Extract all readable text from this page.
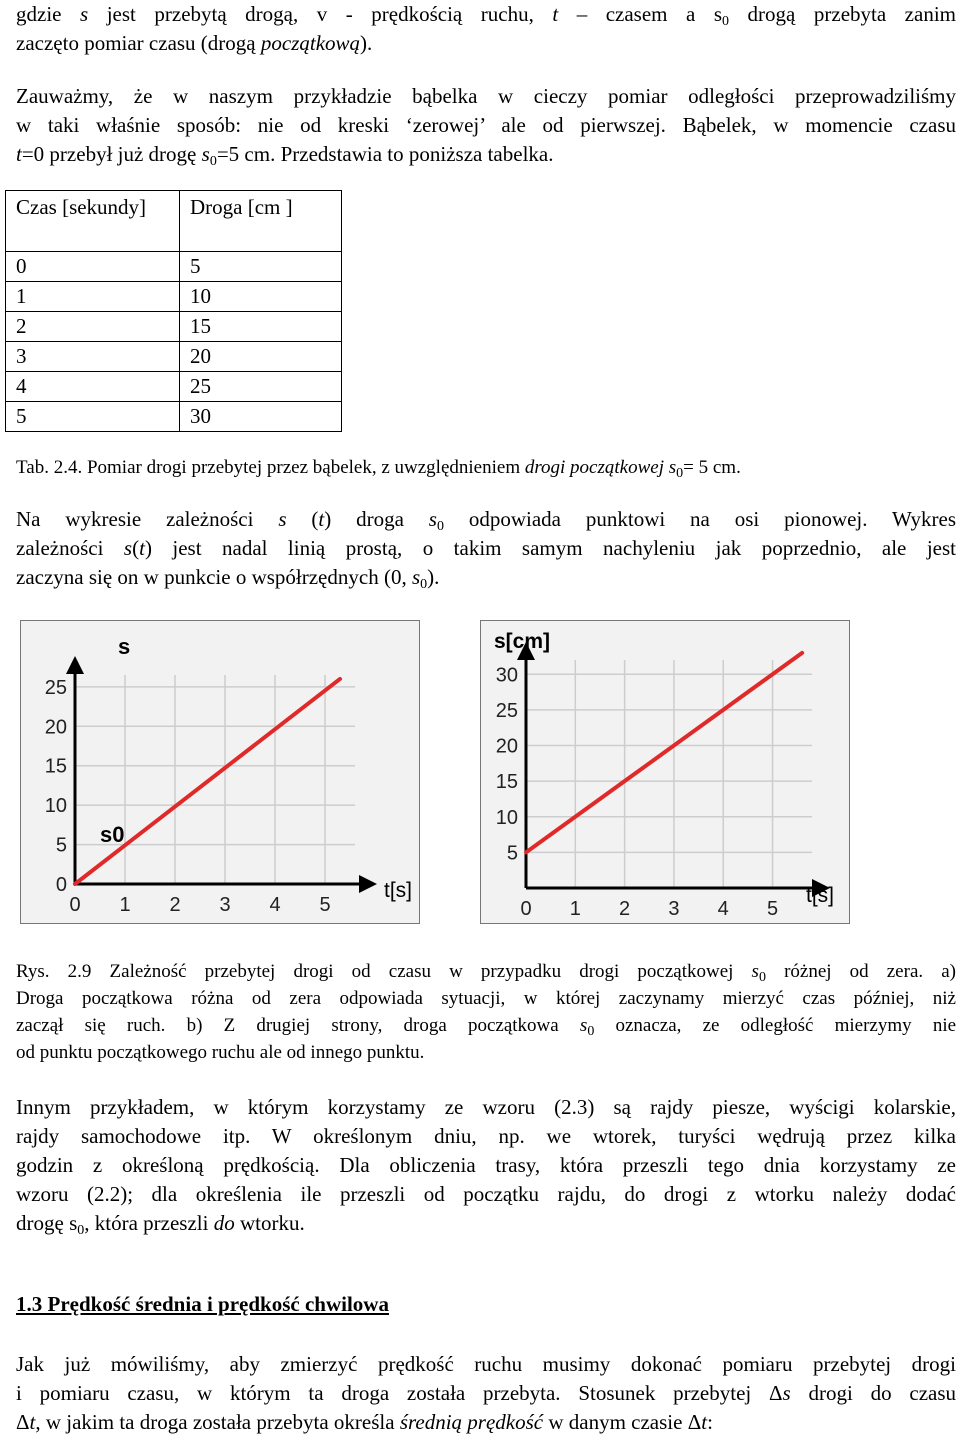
gdzie s jest przebytą drogą, v - prędkością ruchu, t – czasem a $s_0$ drogą przebyta zanim
zaczęto pomiar czasu (drogą początkową).
Zauważmy, że w naszym przykładzie bąbelka w cieczy pomiar odległości przeprowadziliśmy
w taki właśnie sposób: nie od kreski ‘zerowej’ ale od pierwszej. Bąbelek, w momencie czasu
t=0 przebył już drogę $s_0=5$ cm. Przedstawia to poniższa tabelka.
Czas [sekundy]	Droga [cm ]
0	5
1	10
2	15
3	20
4	25
5	30
Tab. 2.4. Pomiar drogi przebytej przez bąbelek, z uwzględnieniem drogi początkowej $s_0= 5$ cm.
Na wykresie zależności s (t) droga $s_0$ odpowiada punktowi na osi pionowej. Wykres
zależności s(t) jest nadal linią prostą, o takim samym nachyleniu jak poprzednio, ale jest
zaczyna się on w punkcie o współrzędnych (0, $s_0$).
0
5
10
15
20
25
0 1 2 3 4 5
s
t[s]
s0
5
10
15
20
25
30
0 1 2 3 4 5
s[cm]
t[s]
Rys. 2.9 Zależność przebytej drogi od czasu w przypadku drogi początkowej $s_0$ różnej od zera. a)
Droga początkowa różna od zera odpowiada sytuacji, w której zaczynamy mierzyć czas później, niż
zaczął się ruch. b) Z drugiej strony, droga początkowa $s_0$ oznacza, ze odległość mierzymy nie
od punktu początkowego ruchu ale od innego punktu.
Innym przykładem, w którym korzystamy ze wzoru (2.3) są rajdy piesze, wyścigi kolarskie,
rajdy samochodowe itp. W określonym dniu, np. we wtorek, turyści wędrują przez kilka
godzin z określoną prędkością. Dla obliczenia trasy, która przeszli tego dnia korzystamy ze
wzoru (2.2); dla określenia ile przeszli od początku rajdu, do drogi z wtorku należy dodać
drogę $s_0$, która przeszli do wtorku.
1.3 Prędkość średnia i prędkość chwilowa
Jak już mówiliśmy, aby zmierzyć prędkość ruchu musimy dokonać pomiaru przebytej drogi
i pomiaru czasu, w którym ta droga została przebyta. Stosunek przebytej Δs drogi do czasu
Δt, w jakim ta droga została przebyta określa średnią prędkość w danym czasie Δt:
